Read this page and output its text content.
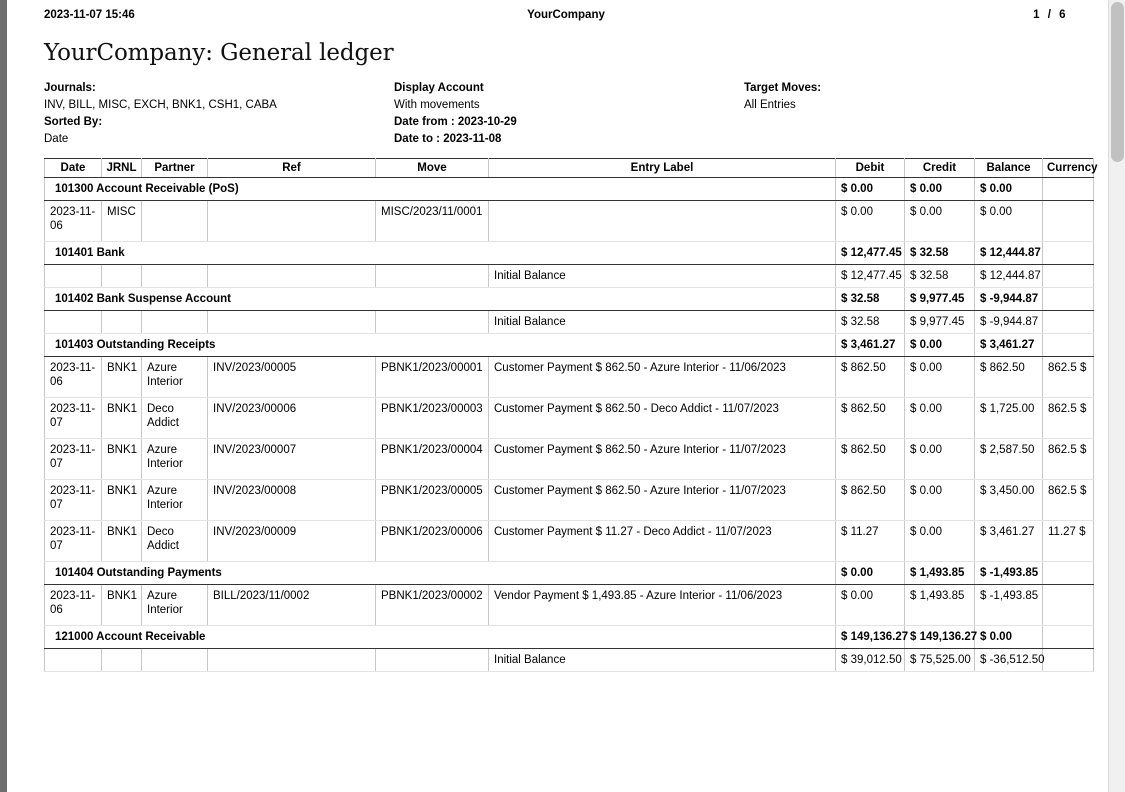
2023-11-07 15:46	YourCompany	1 / 6
YourCompany: General ledger
Journals:
INV, BILL, MISC, EXCH, BNK1, CSH1, CABA
Sorted By:
Date
Display Account
With movements
Date from : 2023-10-29
Date to : 2023-11-08
Target Moves:
All Entries
Date	JRNL	Partner	Ref	Move	Entry Label	Debit	Credit	Balance	Currency
101300 Account Receivable (PoS)						$ 0.00	$ 0.00	$ 0.00	
2023-11-06	MISC			MISC/2023/11/0001		$ 0.00	$ 0.00	$ 0.00	
101401 Bank						$ 12,477.45	$ 32.58	$ 12,444.87	
					Initial Balance	$ 12,477.45	$ 32.58	$ 12,444.87	
101402 Bank Suspense Account						$ 32.58	$ 9,977.45	$ -9,944.87	
					Initial Balance	$ 32.58	$ 9,977.45	$ -9,944.87	
101403 Outstanding Receipts						$ 3,461.27	$ 0.00	$ 3,461.27	
2023-11-06	BNK1	Azure Interior	INV/2023/00005	PBNK1/2023/00001	Customer Payment $ 862.50 - Azure Interior - 11/06/2023	$ 862.50	$ 0.00	$ 862.50	862.5 $
2023-11-07	BNK1	Deco Addict	INV/2023/00006	PBNK1/2023/00003	Customer Payment $ 862.50 - Deco Addict - 11/07/2023	$ 862.50	$ 0.00	$ 1,725.00	862.5 $
2023-11-07	BNK1	Azure Interior	INV/2023/00007	PBNK1/2023/00004	Customer Payment $ 862.50 - Azure Interior - 11/07/2023	$ 862.50	$ 0.00	$ 2,587.50	862.5 $
2023-11-07	BNK1	Azure Interior	INV/2023/00008	PBNK1/2023/00005	Customer Payment $ 862.50 - Azure Interior - 11/07/2023	$ 862.50	$ 0.00	$ 3,450.00	862.5 $
2023-11-07	BNK1	Deco Addict	INV/2023/00009	PBNK1/2023/00006	Customer Payment $ 11.27 - Deco Addict - 11/07/2023	$ 11.27	$ 0.00	$ 3,461.27	11.27 $
101404 Outstanding Payments						$ 0.00	$ 1,493.85	$ -1,493.85	
2023-11-06	BNK1	Azure Interior	BILL/2023/11/0002	PBNK1/2023/00002	Vendor Payment $ 1,493.85 - Azure Interior - 11/06/2023	$ 0.00	$ 1,493.85	$ -1,493.85	
121000 Account Receivable						$ 149,136.27	$ 149,136.27	$ 0.00	
					Initial Balance	$ 39,012.50	$ 75,525.00	$ -36,512.50	
